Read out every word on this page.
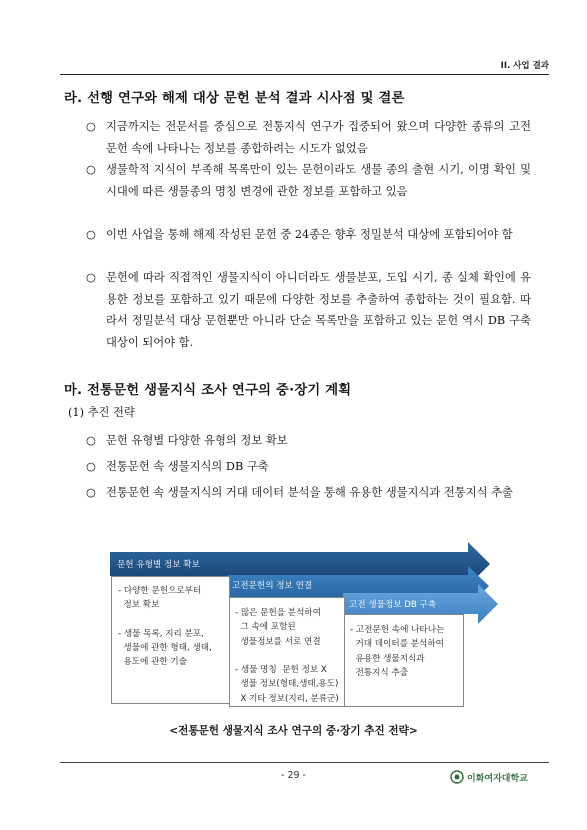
II. 사업 결과
라. 선행 연구와 해제 대상 문헌 분석 결과 시사점 및 결론
○ 지금까지는 전문서를 중심으로 전통지식 연구가 집중되어 왔으며 다양한 종류의 고전문헌 속에 나타나는 정보를 종합하려는 시도가 없었음
○ 생물학적 지식이 부족해 목록만이 있는 문헌이라도 생물 종의 출현 시기, 이명 확인 및 시대에 따른 생물종의 명칭 변경에 관한 정보를 포함하고 있음
○ 이번 사업을 통해 해제 작성된 문헌 중 24종은 향후 정밀분석 대상에 포함되어야 함
○ 문헌에 따라 직접적인 생물지식이 아니더라도 생물분포, 도입 시기, 종 실체 확인에 유용한 정보를 포함하고 있기 때문에 다양한 정보를 추출하여 종합하는 것이 필요함. 따라서 정밀분석 대상 문헌뿐만 아니라 단순 목록만을 포함하고 있는 문헌 역시 DB 구축 대상이 되어야 함.
마. 전통문헌 생물지식 조사 연구의 중·장기 계획
(1) 추진 전략
○ 문헌 유형별 다양한 유형의 정보 확보
○ 전통문헌 속 생물지식의 DB 구축
○ 전통문헌 속 생물지식의 거대 데이터 분석을 통해 유용한 생물지식과 전통지식 추출
문헌 유형별 정보 확보
고전문헌의 정보 연결
고전 생물정보 DB 구축
- 다양한 문헌으로부터
정보 확보

- 생물 목록, 지리 분포,
생물에 관한 형태, 생태,
용도에 관한 기술
- 많은 문헌을 분석하여
그 속에 포함된
생물정보를 서로 연결

- 생물 명칭  문헌 정보 X
생물 정보(형태,생태,용도)
X 기타 정보(지리, 분류군)
- 고전문헌 속에 나타나는
거대 데이터를 분석하여
유용한 생물지식과
전통지식 추출
<전통문헌 생물지식 조사 연구의 중·장기 추진 전략>
- 29 -	이화여자대학교
